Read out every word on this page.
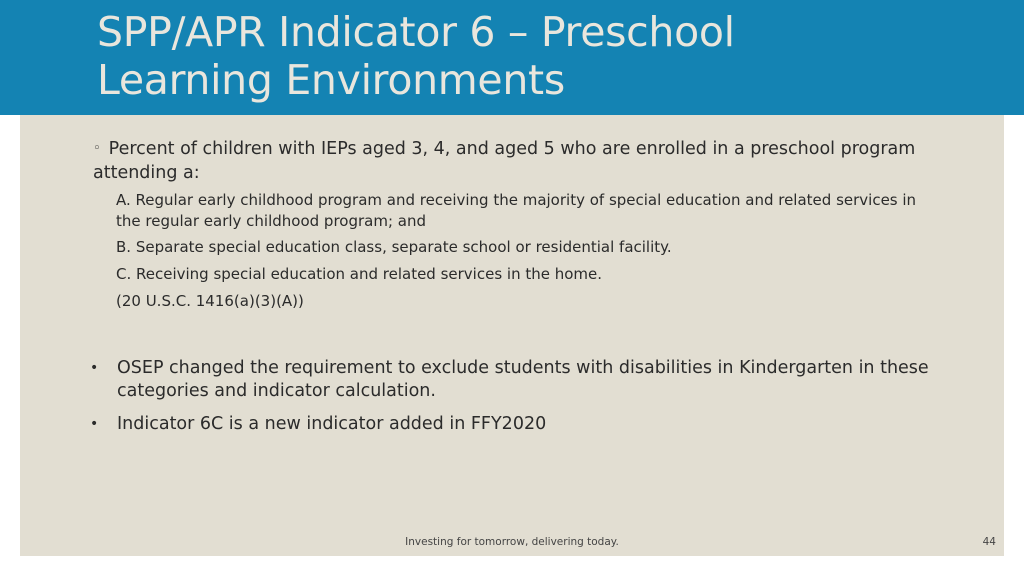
SPP/APR Indicator 6 – Preschool
Learning Environments
◦ Percent of children with IEPs aged 3, 4, and aged 5 who are enrolled in a preschool program attending a:
A. Regular early childhood program and receiving the majority of special education and related services in the regular early childhood program; and
B. Separate special education class, separate school or residential facility.
C. Receiving special education and related services in the home.
(20 U.S.C. 1416(a)(3)(A))
• OSEP changed the requirement to exclude students with disabilities in Kindergarten in these categories and indicator calculation.
• Indicator 6C is a new indicator added in FFY2020
Investing for tomorrow, delivering today.	44
